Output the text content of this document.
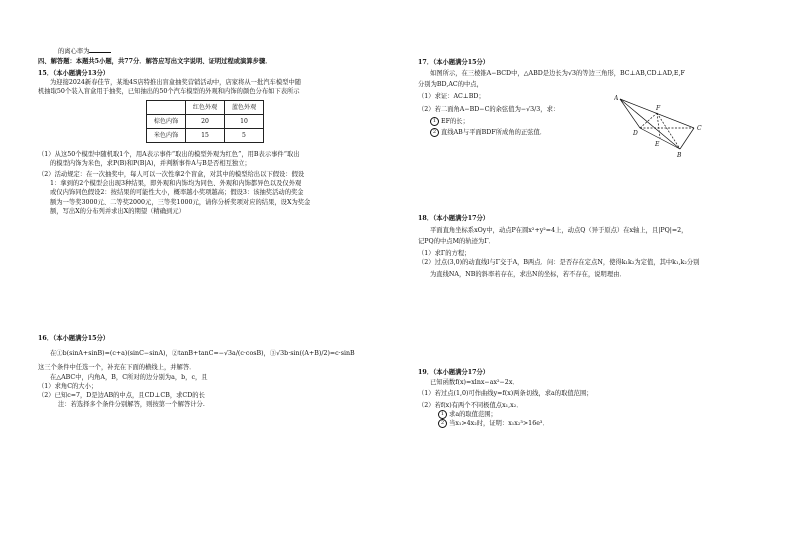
的离心率为
四、解答题：本题共5小题，共77分．解答应写出文字说明、证明过程或演算步骤．
15．（本小题满分13分）
为迎接2024新春佳节，某地4S店特推出盲盒抽奖营销活动中，店家将从一批汽车模型中随
机抽取50个装入盲盒用于抽奖，已知抽出的50个汽车模型的外观和内饰的颜色分布如下表所示
	红色外观	蓝色外观
棕色内饰	20	10
米色内饰	15	5
（1）从这50个模型中随机取1个，用A表示事件“取出的模型外观为红色”，用B表示事件“取出
的模型内饰为米色，求P(B)和P(B|A)，并判断事件A与B是否相互独立；
（2）活动规定：在一次抽奖中，每人可以一次性拿2个盲盒，对其中的模型给出以下假设：假设
1：拿到的2个模型会出现3种结果，即外观和内饰均为同色、外观和内饰都异色以及仅外观
或仅内饰同色假设2：按结果的可能性大小，概率越小奖项越高；假设3：该抽奖活动的奖金
额为一等奖3000元、二等奖2000元，三等奖1000元，请你分析奖项对应的结果，设X为奖金
额，写出X的分布列并求出X的期望（精确到元）
16．（本小题满分15分）
在①b(sinA+sinB)=(c+a)(sinC−sinA)，②tanB+tanC=−√3a/(c·cosB)，③√3b·sin((A+B)/2)=c·sinB
这三个条件中任选一个，补充在下面的横线上，并解答．
在△ABC中，内角A，B，C所对的边分别为a，b，c，且
（1）求角C的大小；
（2）已知c=7，D是边AB的中点，且CD⊥CB，求CD的长
注：若选择多个条件分别解答，则按第一个解答计分.
17．（本小题满分15分）
如图所示，在三棱锥A−BCD中，△ABD是边长为√3的等边三角形，BC⊥AB,CD⊥AD,E,F
分别为BD,AC的中点，
（1）求证：AC⊥BD；
（2）若二面角A−BD−C的余弦值为−√3/3，求：
1 EF的长；
2 直线AB与平面BDF所成角的正弦值．
18．（本小题满分17分）
平面直角坐标系xOy中，动点P在圆x²+y²=4上，动点Q（异于原点）在x轴上，且|PQ|=2，
记PQ的中点M的轨迹为Γ．
（1）求Γ的方程；
（2）过点(3,0)的动直线l与Γ交于A，B两点．问：是否存在定点N，使得k₁k₂为定值，其中k₁,k₂分别
为直线NA，NB的斜率若存在，求出N的坐标，若不存在，说明理由．
19．（本小题满分17分）
已知函数f(x)=xlnx−ax²−2x．
（1）若过点(1,0)可作曲线y=f(x)两条切线，求a的取值范围；
（2）若f(x)有两个不同极值点x₁,x₂．
1 求a的取值范围；
2 当x₁>4x₂时，证明：x₁x₂³>16e³．
A
F
C
D
E
B
